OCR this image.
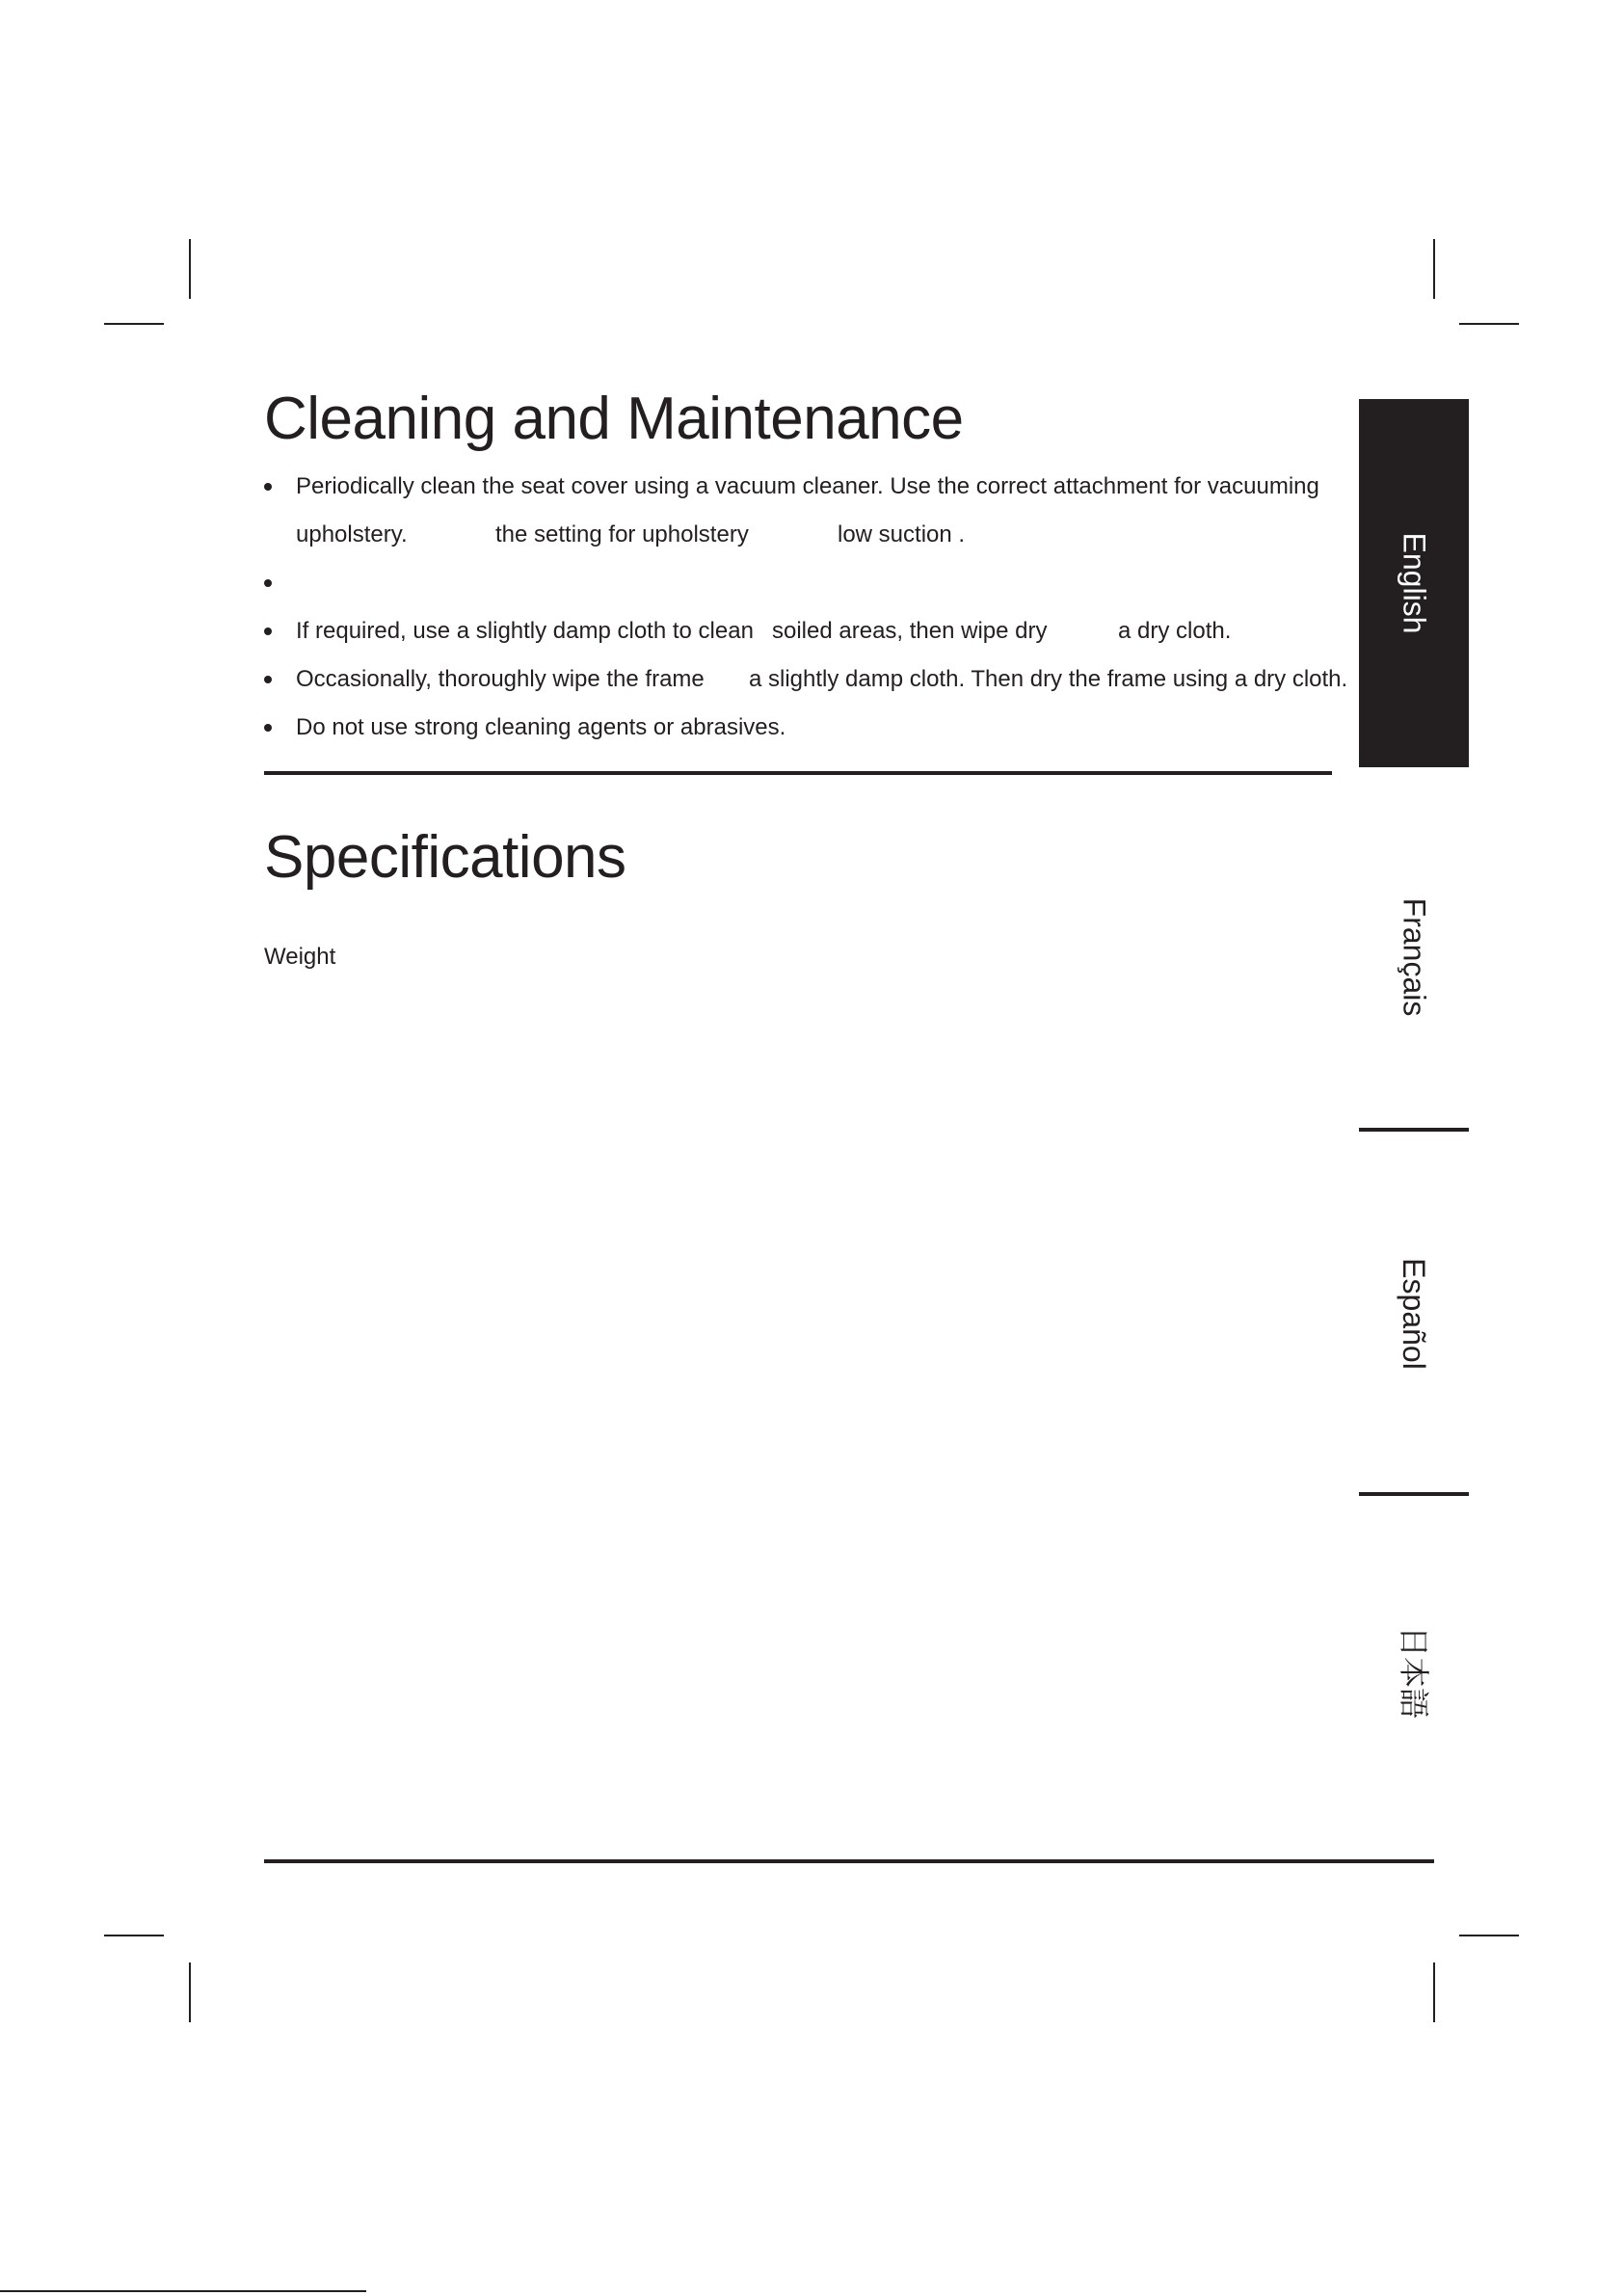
Cleaning and Maintenance
Periodically clean the seat cover using a vacuum cleaner. Use the correct attachment for vacuuming
upholstery.	the setting for upholstery	low suction .
If required, use a slightly damp cloth to clean soiled areas, then wipe dry	a dry cloth.
Occasionally, thoroughly wipe the frame a slightly damp cloth. Then dry the frame using a dry cloth.
Do not use strong cleaning agents or abrasives.
Specifications
Weight
English
Français
Español
日本語
